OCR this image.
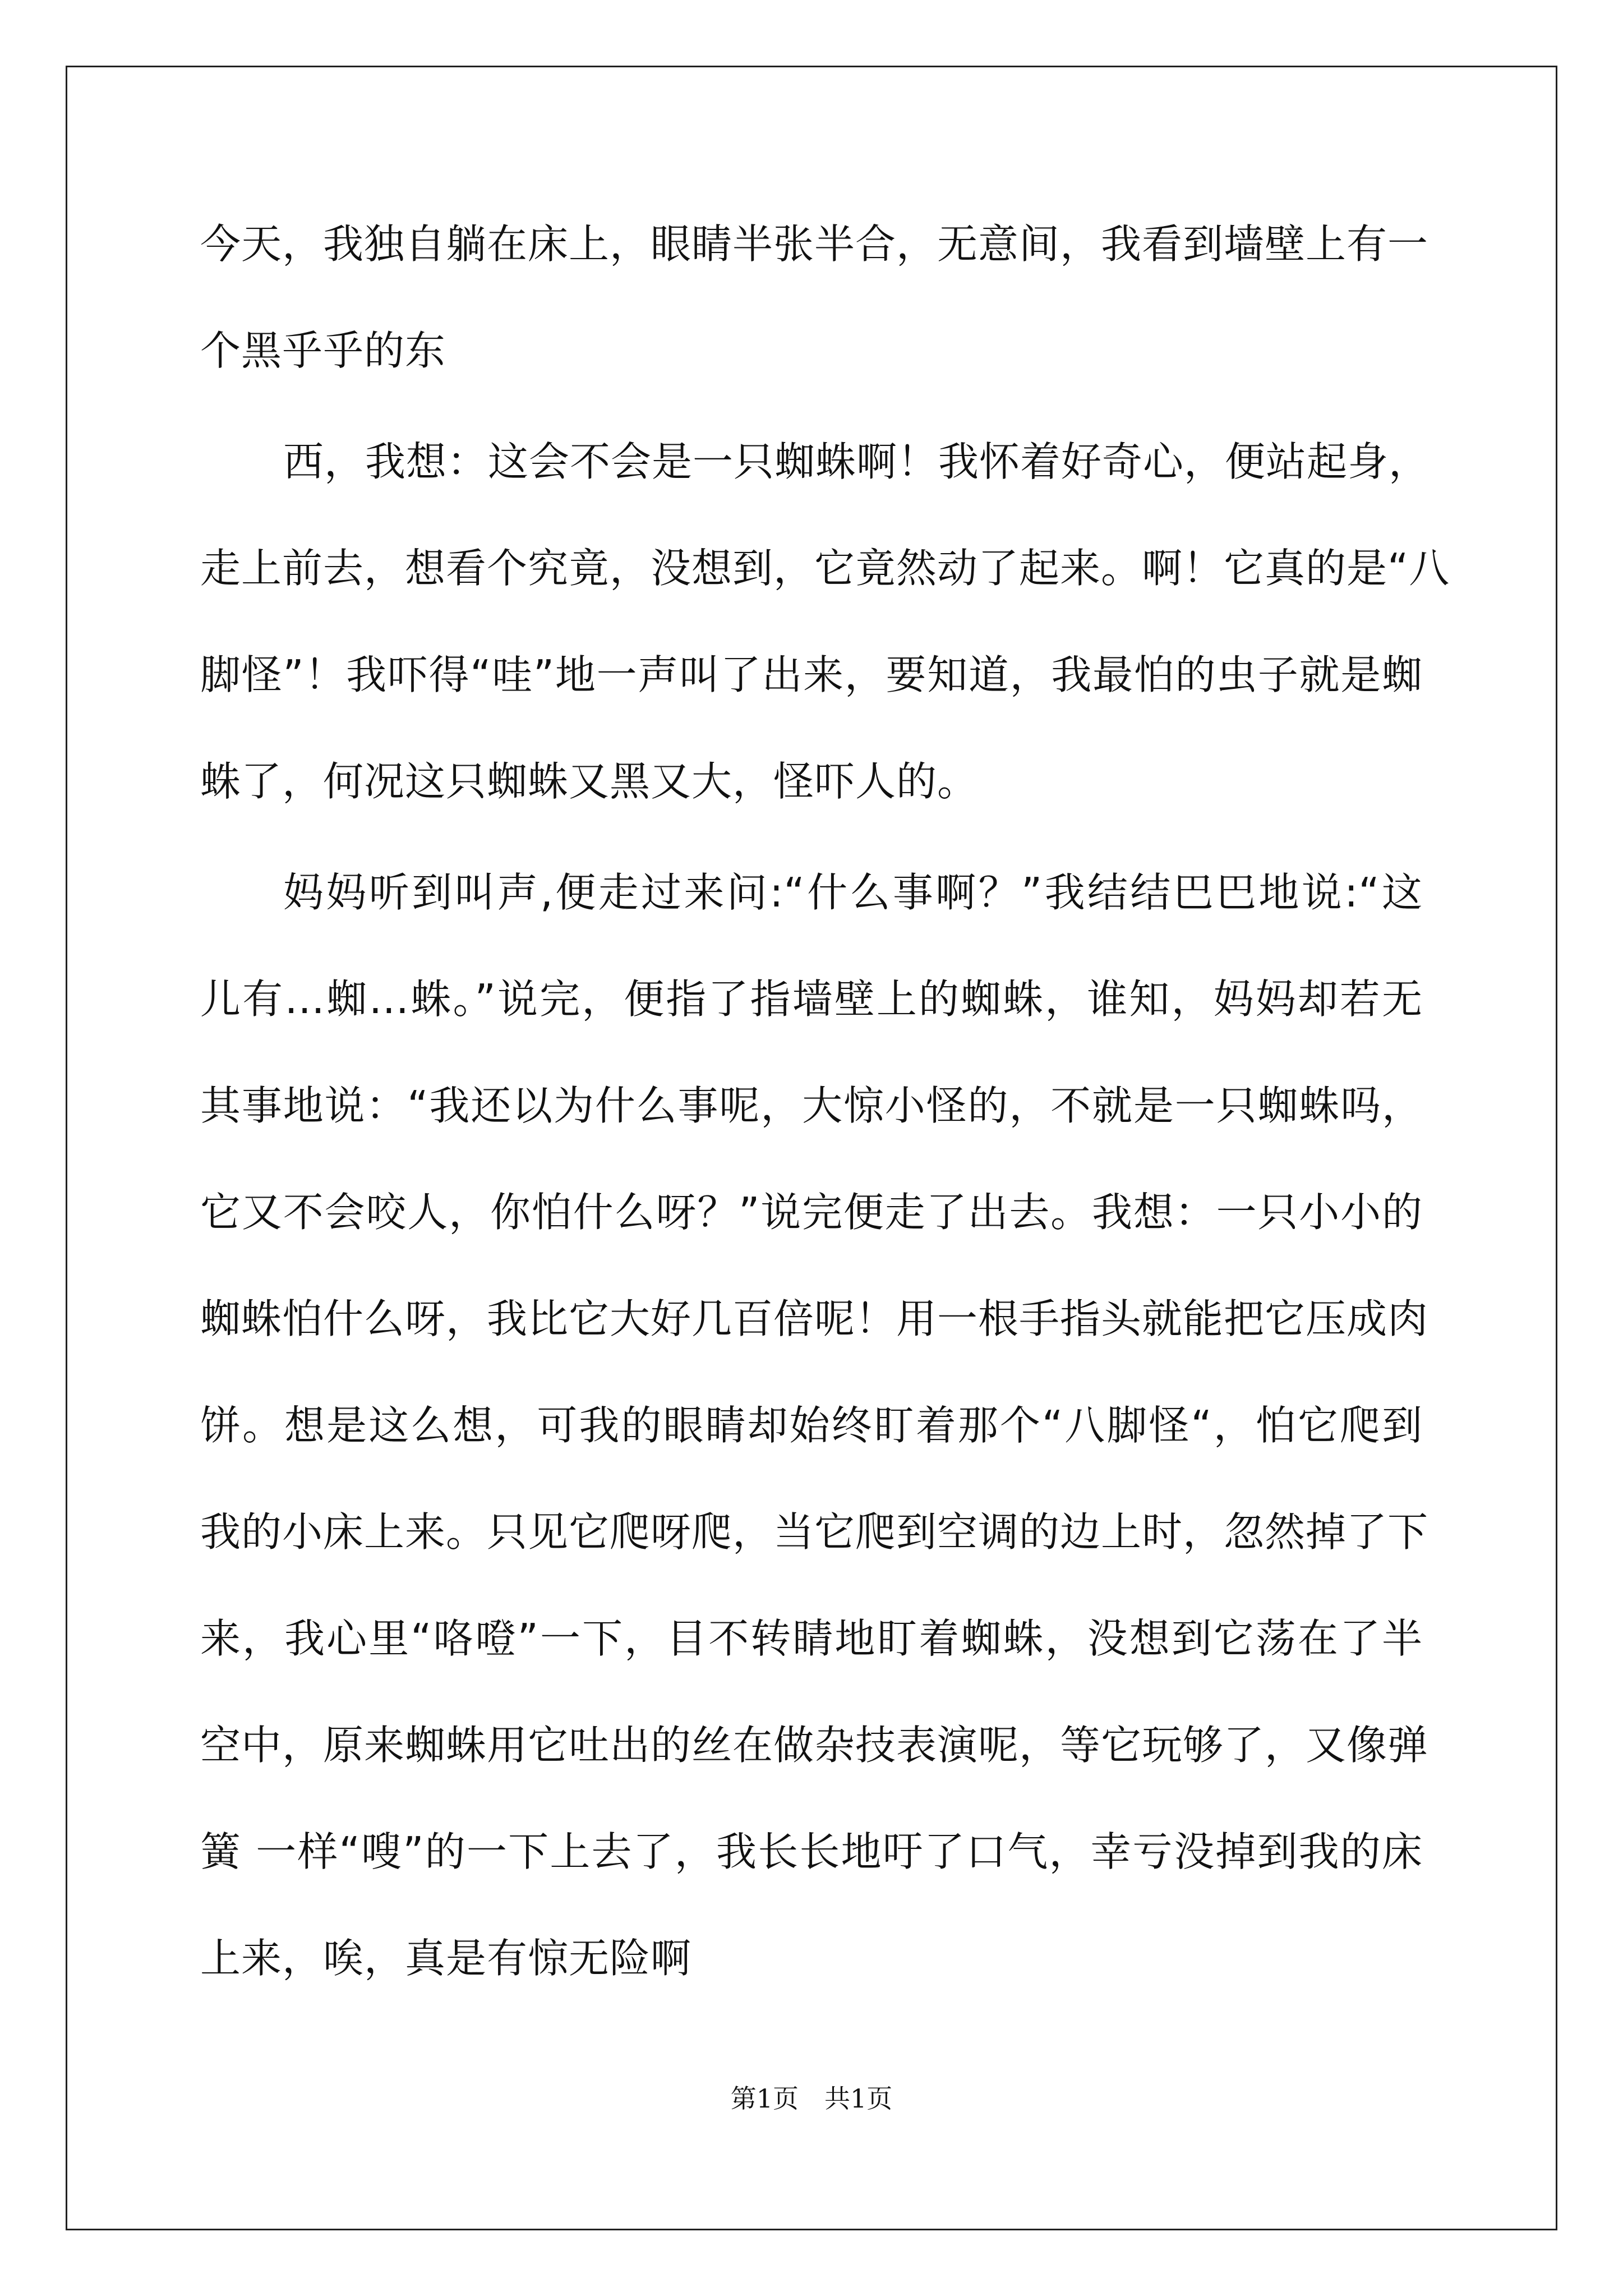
今天，我独自躺在床上，眼睛半张半合，无意间，我看到墙壁上有一
个黑乎乎的东
西，我想：这会不会是一只蜘蛛啊！我怀着好奇心，便站起身，
走上前去，想看个究竟，没想到，它竟然动了起来。啊！它真的是“八
脚怪”！我吓得“哇”地一声叫了出来，要知道，我最怕的虫子就是蜘
蛛了，何况这只蜘蛛又黑又大，怪吓人的。
妈妈听到叫声,便走过来问:“什么事啊？”我结结巴巴地说:“这
儿有…蜘…蛛。”说完，便指了指墙壁上的蜘蛛，谁知，妈妈却若无
其事地说：“我还以为什么事呢，大惊小怪的，不就是一只蜘蛛吗，
它又不会咬人，你怕什么呀？”说完便走了出去。我想：一只小小的
蜘蛛怕什么呀，我比它大好几百倍呢！用一根手指头就能把它压成肉
饼。想是这么想，可我的眼睛却始终盯着那个“八脚怪“，怕它爬到
我的小床上来。只见它爬呀爬，当它爬到空调的边上时，忽然掉了下
来，我心里“咯噔”一下，目不转睛地盯着蜘蛛，没想到它荡在了半
空中，原来蜘蛛用它吐出的丝在做杂技表演呢，等它玩够了，又像弹
簧 一样“嗖”的一下上去了，我长长地吁了口气，幸亏没掉到我的床
上来，唉，真是有惊无险啊
第1页　共1页
